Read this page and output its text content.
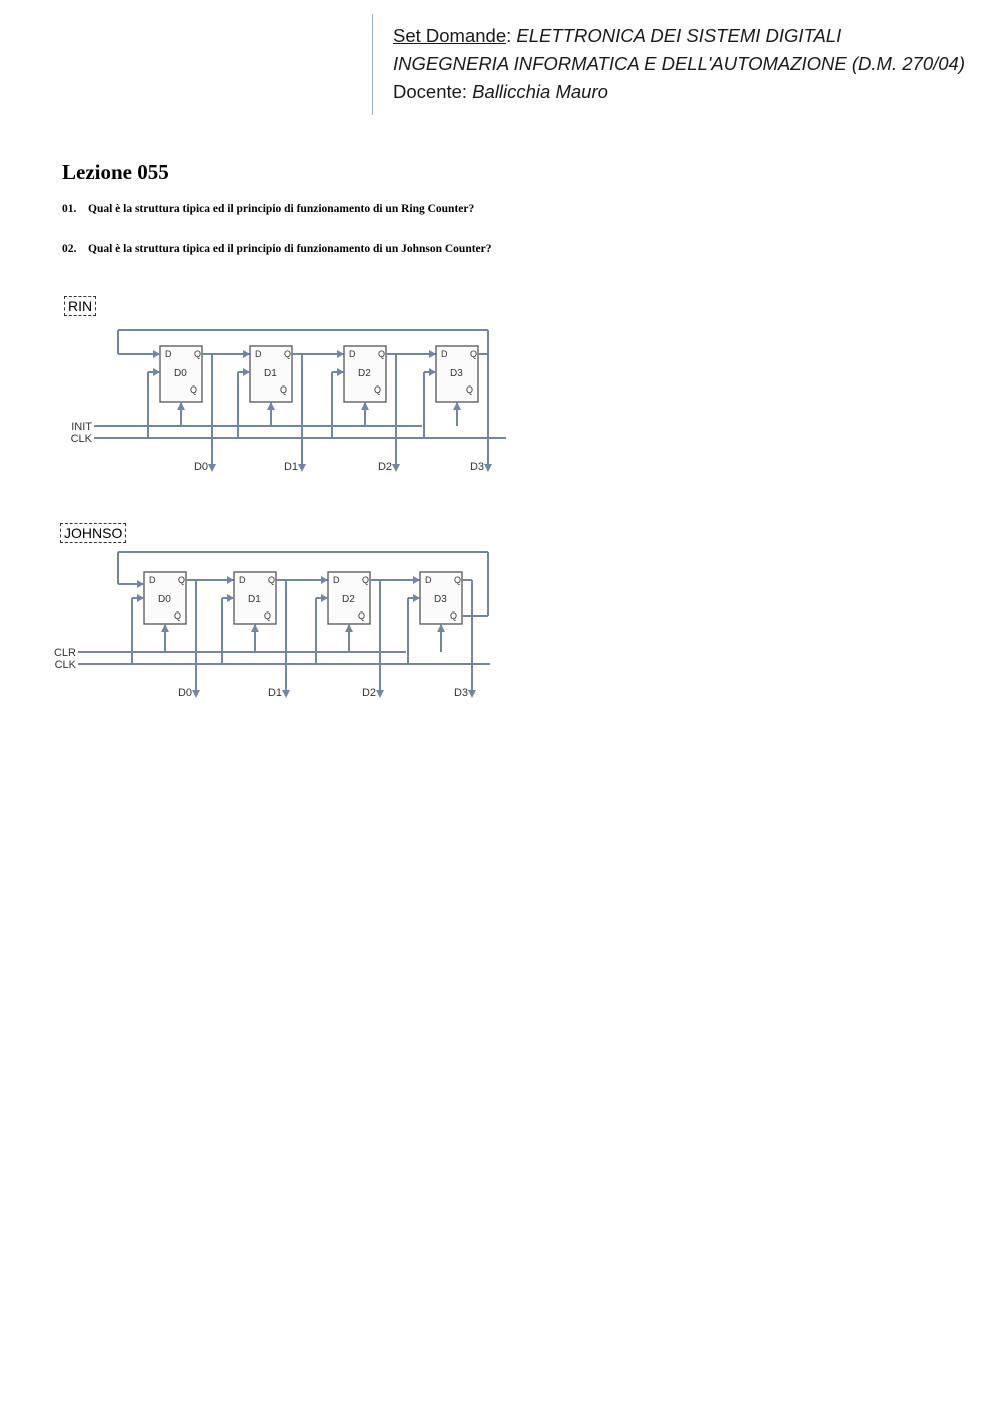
Set Domande: ELETTRONICA DEI SISTEMI DIGITALI
INGEGNERIA INFORMATICA E DELL'AUTOMAZIONE (D.M. 270/04)
Docente: Ballicchia Mauro
Lezione 055
01. Qual è la struttura tipica ed il principio di funzionamento di un Ring Counter?
02. Qual è la struttura tipica ed il principio di funzionamento di un Johnson Counter?
RIN
INIT
CLK
D	Q
D0
Q̄
D0
D	Q
D1
Q̄
D1
D	Q
D2
Q̄
D2
D	Q
D3
Q̄
D3
JOHNSO
CLR
CLK
D	Q
D0
Q̄
D0
D	Q
D1
Q̄
D1
D	Q
D2
Q̄
D2
D	Q
D3
Q̄
D3
